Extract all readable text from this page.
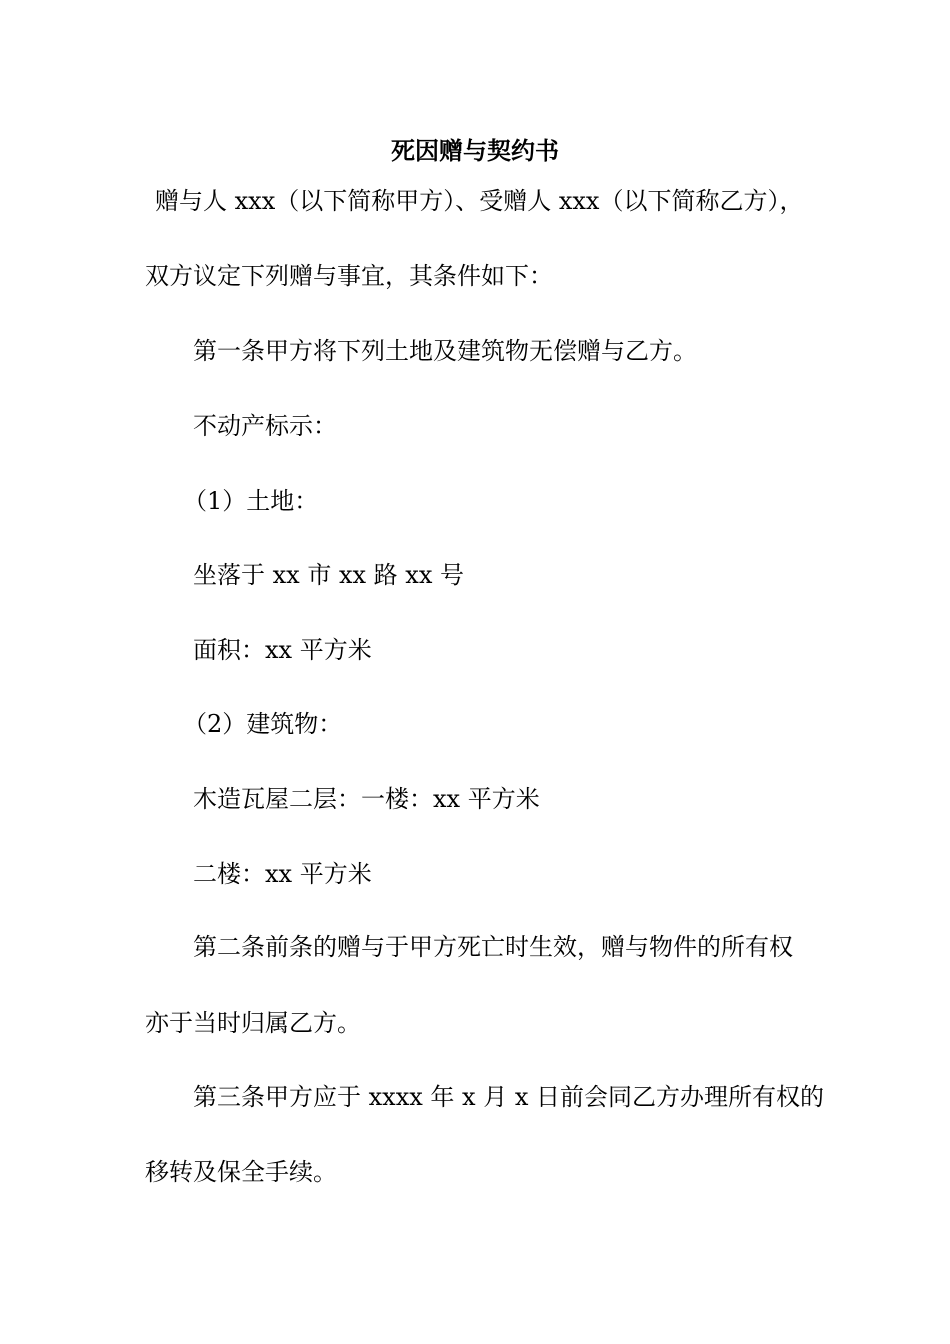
死因赠与契约书
赠与人 xxx（以下简称甲方）、受赠人 xxx（以下简称乙方），
双方议定下列赠与事宜，其条件如下：
第一条甲方将下列土地及建筑物无偿赠与乙方。
不动产标示：
（1）土地：
坐落于 xx 市 xx 路 xx 号
面积：xx 平方米
（2）建筑物：
木造瓦屋二层：一楼：xx 平方米
二楼：xx 平方米
第二条前条的赠与于甲方死亡时生效，赠与物件的所有权
亦于当时归属乙方。
第三条甲方应于 xxxx 年 x 月 x 日前会同乙方办理所有权的
移转及保全手续。
